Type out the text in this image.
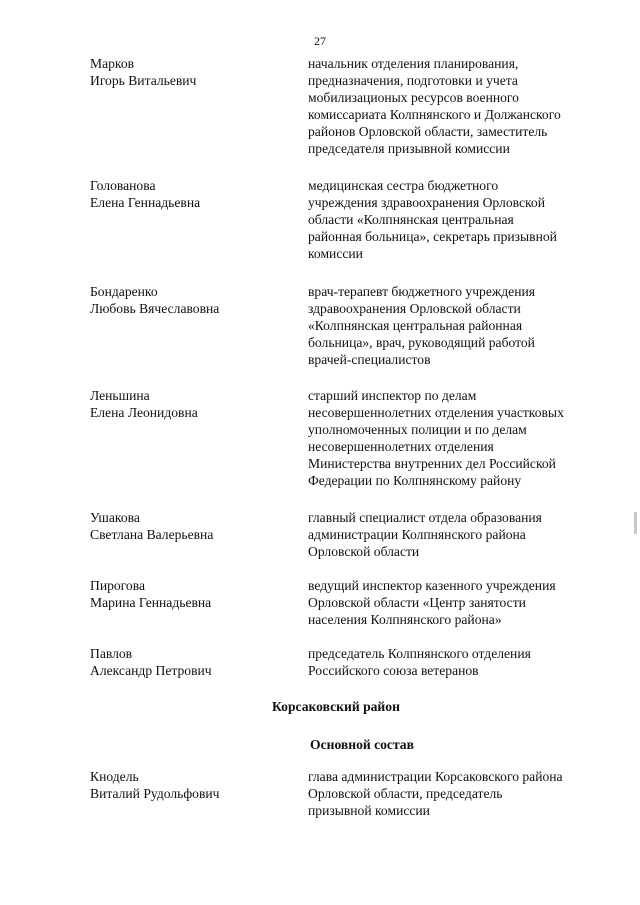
27
Марков
Игорь Витальевич
начальник отделения планирования,
предназначения, подготовки и учета
мобилизационых ресурсов военного
комиссариата Колпнянского и Должанского
районов Орловской области, заместитель
председателя призывной комиссии
Голованова
Елена Геннадьевна
медицинская сестра бюджетного
учреждения здравоохранения Орловской
области «Колпнянская центральная
районная больница», секретарь призывной
комиссии
Бондаренко
Любовь Вячеславовна
врач-терапевт бюджетного учреждения
здравоохранения Орловской области
«Колпнянская центральная районная
больница», врач, руководящий работой
врачей-специалистов
Леньшина
Елена Леонидовна
старший инспектор по делам
несовершеннолетних отделения участковых
уполномоченных полиции и по делам
несовершеннолетних отделения
Министерства внутренних дел Российской
Федерации по Колпнянскому району
Ушакова
Светлана Валерьевна
главный специалист отдела образования
администрации Колпнянского района
Орловской области
Пирогова
Марина Геннадьевна
ведущий инспектор казенного учреждения
Орловской области «Центр занятости
населения Колпнянского района»
Павлов
Александр Петрович
председатель Колпнянского отделения
Российского союза ветеранов
Корсаковский район
Основной состав
Кнодель
Виталий Рудольфович
глава администрации Корсаковского района
Орловской области, председатель
призывной комиссии
